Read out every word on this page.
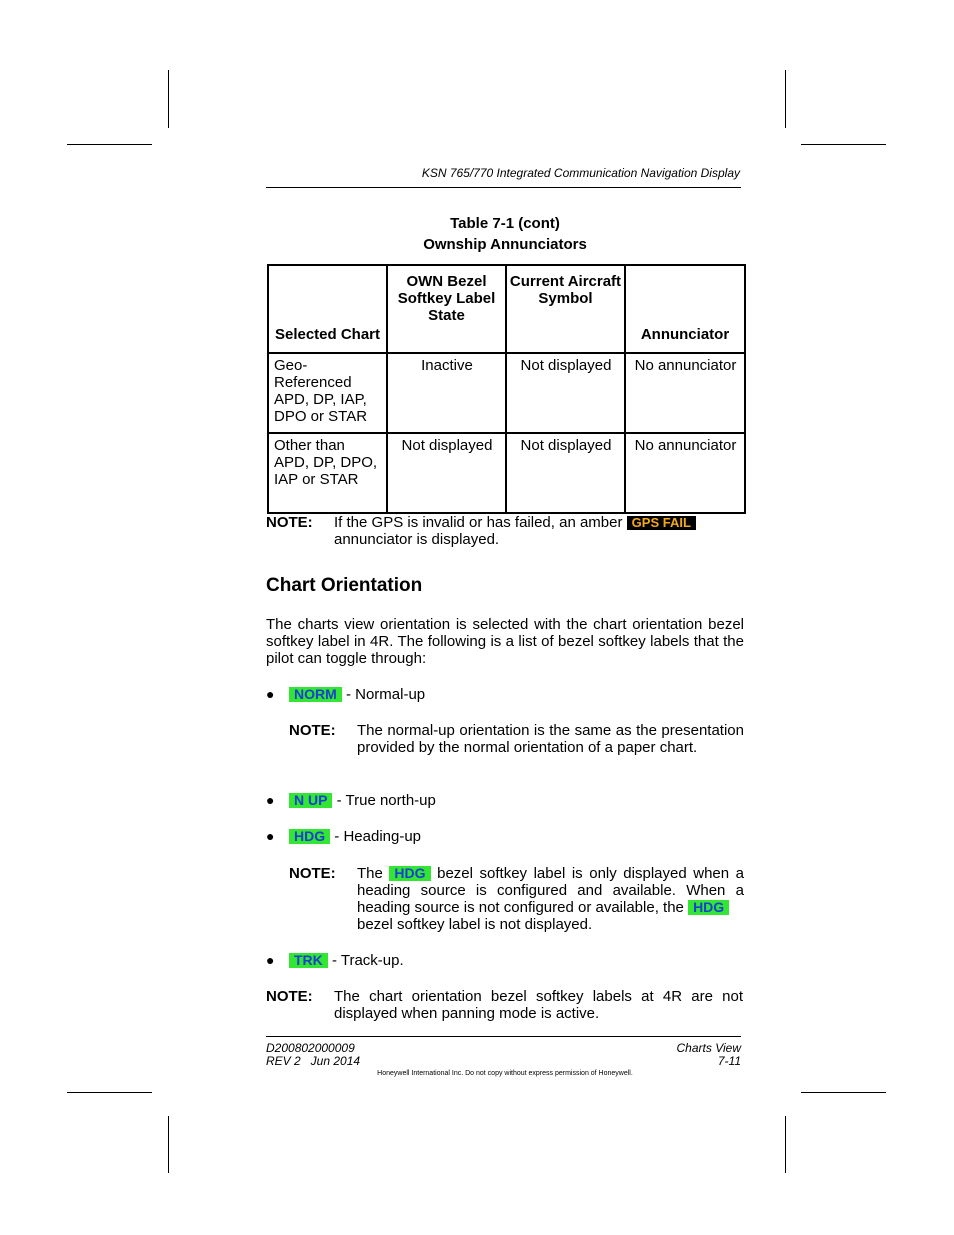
KSN 765/770 Integrated Communication Navigation Display
Table 7-1 (cont)
Ownship Annunciators
Selected Chart	OWN Bezel Softkey Label State	Current Aircraft Symbol	Annunciator
Geo-Referenced APD, DP, IAP, DPO or STAR	Inactive	Not displayed	No annunciator
Other than APD, DP, DPO, IAP or STAR	Not displayed	Not displayed	No annunciator
NOTE: If the GPS is invalid or has failed, an amber GPS FAIL
annunciator is displayed.
Chart Orientation
The charts view orientation is selected with the chart orientation bezel softkey label in 4R. The following is a list of bezel softkey labels that the pilot can toggle through:
●	NORM - Normal-up
NOTE: The normal-up orientation is the same as the presentation provided by the normal orientation of a paper chart.
●	N UP - True north-up
●	HDG - Heading-up
NOTE: The HDG bezel softkey label is only displayed when a heading source is configured and available. When a heading source is not configured or available, the HDG
bezel softkey label is not displayed.
●	TRK - Track-up.
NOTE: The chart orientation bezel softkey labels at 4R are not displayed when panning mode is active.
D200802000009
REV 2   Jun 2014
Charts View
7-11
Honeywell International Inc. Do not copy without express permission of Honeywell.
